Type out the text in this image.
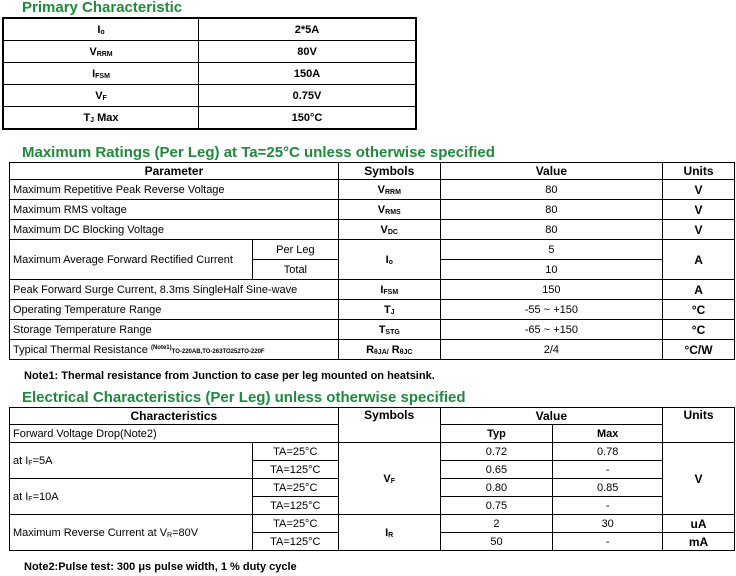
Primary Characteristic
$I_o$	2*5A
$V_{RRM}$	80V
$I_{FSM}$	150A
$V_F$	0.75V
$T_J$ Max	150°C
Maximum Ratings (Per Leg) at Ta=25°C unless otherwise specified
Parameter		Symbols	Value	Units
Maximum Repetitive Peak Reverse Voltage		$V_{RRM}$	80	V
Maximum RMS voltage		$V_{RMS}$	80	V
Maximum DC Blocking Voltage		$V_{DC}$	80	V
Maximum Average Forward Rectified Current	Per Leg	$I_o$	5	A
	Total		10	
Peak Forward Surge Current, 8.3ms SingleHalf Sine-wave		$I_{FSM}$	150	A
Operating Temperature Range		$T_J$	-55 ~ +150	°C
Storage Temperature Range		$T_{STG}$	-65 ~ +150	°C
Typical Thermal Resistance $^{(Note1)}$TO-220AB,TO-263TO252TO-220F		$R_{\theta JA/}$ $R_{\theta JC}$	2/4	°C/W
Note1: Thermal resistance from Junction to case per leg mounted on heatsink.
Electrical Characteristics (Per Leg) unless otherwise specified
Characteristics		Symbols	Value		Units
Forward Voltage Drop(Note2)			Typ	Max	
at $I_F=5A$	TA=25°C	$V_F$	0.72	0.78	V
	TA=125°C		0.65	-	
at $I_F=10A$	TA=25°C		0.80	0.85	
	TA=125°C		0.75	-	
Maximum Reverse Current at $V_R=80V$	TA=25°C	$I_R$	2	30	uA
	TA=125°C		50	-	mA
Note2:Pulse test: 300 μs pulse width, 1 % duty cycle
